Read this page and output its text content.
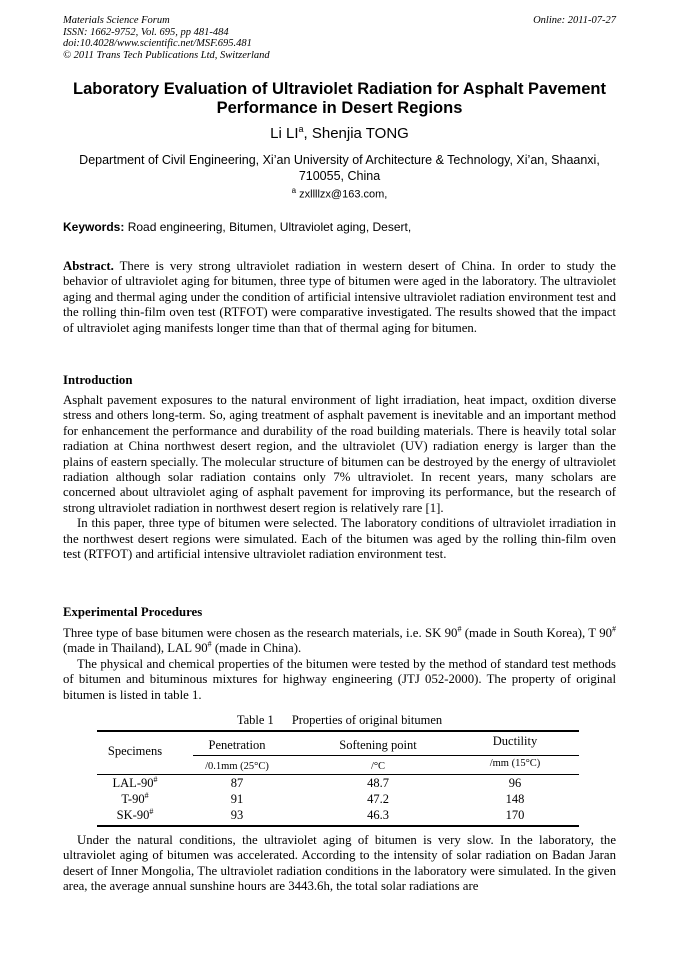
Materials Science Forum
ISSN: 1662-9752, Vol. 695, pp 481-484
doi:10.4028/www.scientific.net/MSF.695.481
© 2011 Trans Tech Publications Ltd, Switzerland
Online: 2011-07-27
Laboratory Evaluation of Ultraviolet Radiation for Asphalt Pavement Performance in Desert Regions
Li $LI^a$, Shenjia TONG
Department of Civil Engineering, Xi’an University of Architecture & Technology, Xi’an, Shaanxi, 710055, China
$^a$ zxllllzx@163.com,
Keywords: Road engineering, Bitumen, Ultraviolet aging, Desert,
Abstract. There is very strong ultraviolet radiation in western desert of China. In order to study the behavior of ultraviolet aging for bitumen, three type of bitumen were aged in the laboratory. The ultraviolet aging and thermal aging under the condition of artificial intensive ultraviolet radiation environment test and the rolling thin-film oven test (RTFOT) were comparative investigated. The results showed that the impact of ultraviolet aging manifests longer time than that of thermal aging for bitumen.
Introduction

Asphalt pavement exposures to the natural environment of light irradiation, heat impact, oxdition diverse stress and others long-term. So, aging treatment of asphalt pavement is inevitable and an important method for enhancement the performance and durability of the road building materials. There is heavily total solar radiation at China northwest desert region, and the ultraviolet (UV) radiation energy is larger than the plains of eastern specially. The molecular structure of bitumen can be destroyed by the energy of ultraviolet radiation although solar radiation contains only 7% ultraviolet. In recent years, many scholars are concerned about ultraviolet aging of asphalt pavement for improving its performance, but the research of strong ultraviolet radiation in northwest desert region is relatively rare [1].

In this paper, three type of bitumen were selected. The laboratory conditions of ultraviolet irradiation in the northwest desert regions were simulated. Each of the bitumen was aged by the rolling thin-film oven test (RTFOT) and artificial intensive ultraviolet radiation environment test.

Experimental Procedures

Three type of base bitumen were chosen as the research materials, i.e. SK 90# (made in South Korea), T 90# (made in Thailand), LAL 90# (made in China).

The physical and chemical properties of the bitumen were tested by the method of standard test methods of bitumen and bituminous mixtures for highway engineering (JTJ 052-2000). The property of original bitumen is listed in table 1.

Table 1 Properties of original bitumen
Specimens	Penetration	Softening point	Ductility
/0.1mm (25°C)	/°C	/mm (15°C)
LAL-90#	87	48.7	96
T-90#	91	47.2	148
SK-90#	93	46.3	170

Under the natural conditions, the ultraviolet aging of bitumen is very slow. In the laboratory, the ultraviolet aging of bitumen was accelerated. According to the intensity of solar radiation on Badan Jaran desert of Inner Mongolia, The ultraviolet radiation conditions in the laboratory were simulated. In the given area, the average annual sunshine hours are 3443.6h, the total solar radiations are
